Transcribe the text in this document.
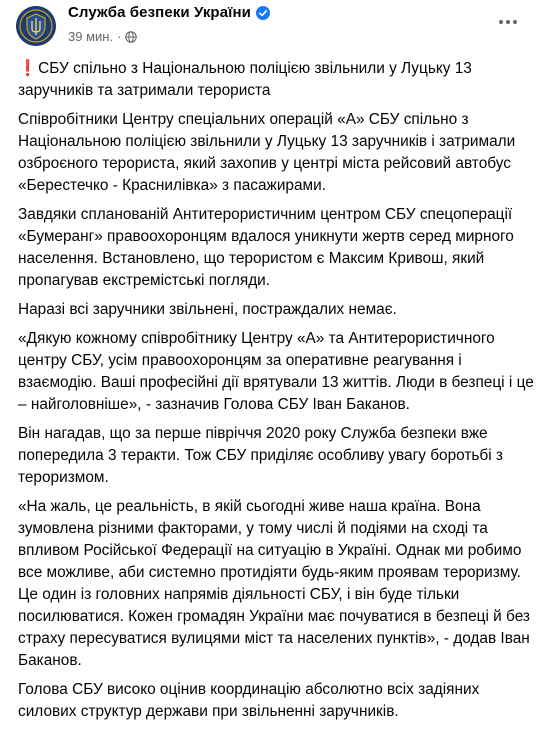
Служба безпеки України
39 мин. ·

❗СБУ спільно з Національною поліцією звільнили у Луцьку 13 заручників та затримали терориста

Співробітники Центру спеціальних операцій «А» СБУ спільно з Національною поліцією звільнили у Луцьку 13 заручників і затримали озброєного терориста, який захопив у центрі міста рейсовий автобус «Берестечко - Краснилівка» з пасажирами.

Завдяки спланованій Антитерористичним центром СБУ спецоперації «Бумеранг» правоохоронцям вдалося уникнути жертв серед мирного населення. Встановлено, що терористом є Максим Кривош, який пропагував екстремістські погляди.

Наразі всі заручники звільнені, постраждалих немає.

«Дякую кожному співробітнику Центру «А» та Антитерористичного центру СБУ, усім правоохоронцям за оперативне реагування і взаємодію. Ваші професійні дії врятували 13 життів. Люди в безпеці і це – найголовніше», - зазначив Голова СБУ Іван Баканов.

Він нагадав, що за перше півріччя 2020 року Служба безпеки вже попередила 3 теракти. Тож СБУ приділяє особливу увагу боротьбі з тероризмом.

«На жаль, це реальність, в якій сьогодні живе наша країна. Вона зумовлена різними факторами, у тому числі й подіями на сході та впливом Російської Федерації на ситуацію в Україні. Однак ми робимо все можливе, аби системно протидіяти будь-яким проявам тероризму. Це один із головних напрямів діяльності СБУ, і він буде тільки посилюватися. Кожен громадян України має почуватися в безпеці й без страху пересуватися вулицями міст та населених пунктів», - додав Іван Баканов.

Голова СБУ високо оцінив координацію абсолютно всіх задіяних силових структур держави при звільненні заручників.
